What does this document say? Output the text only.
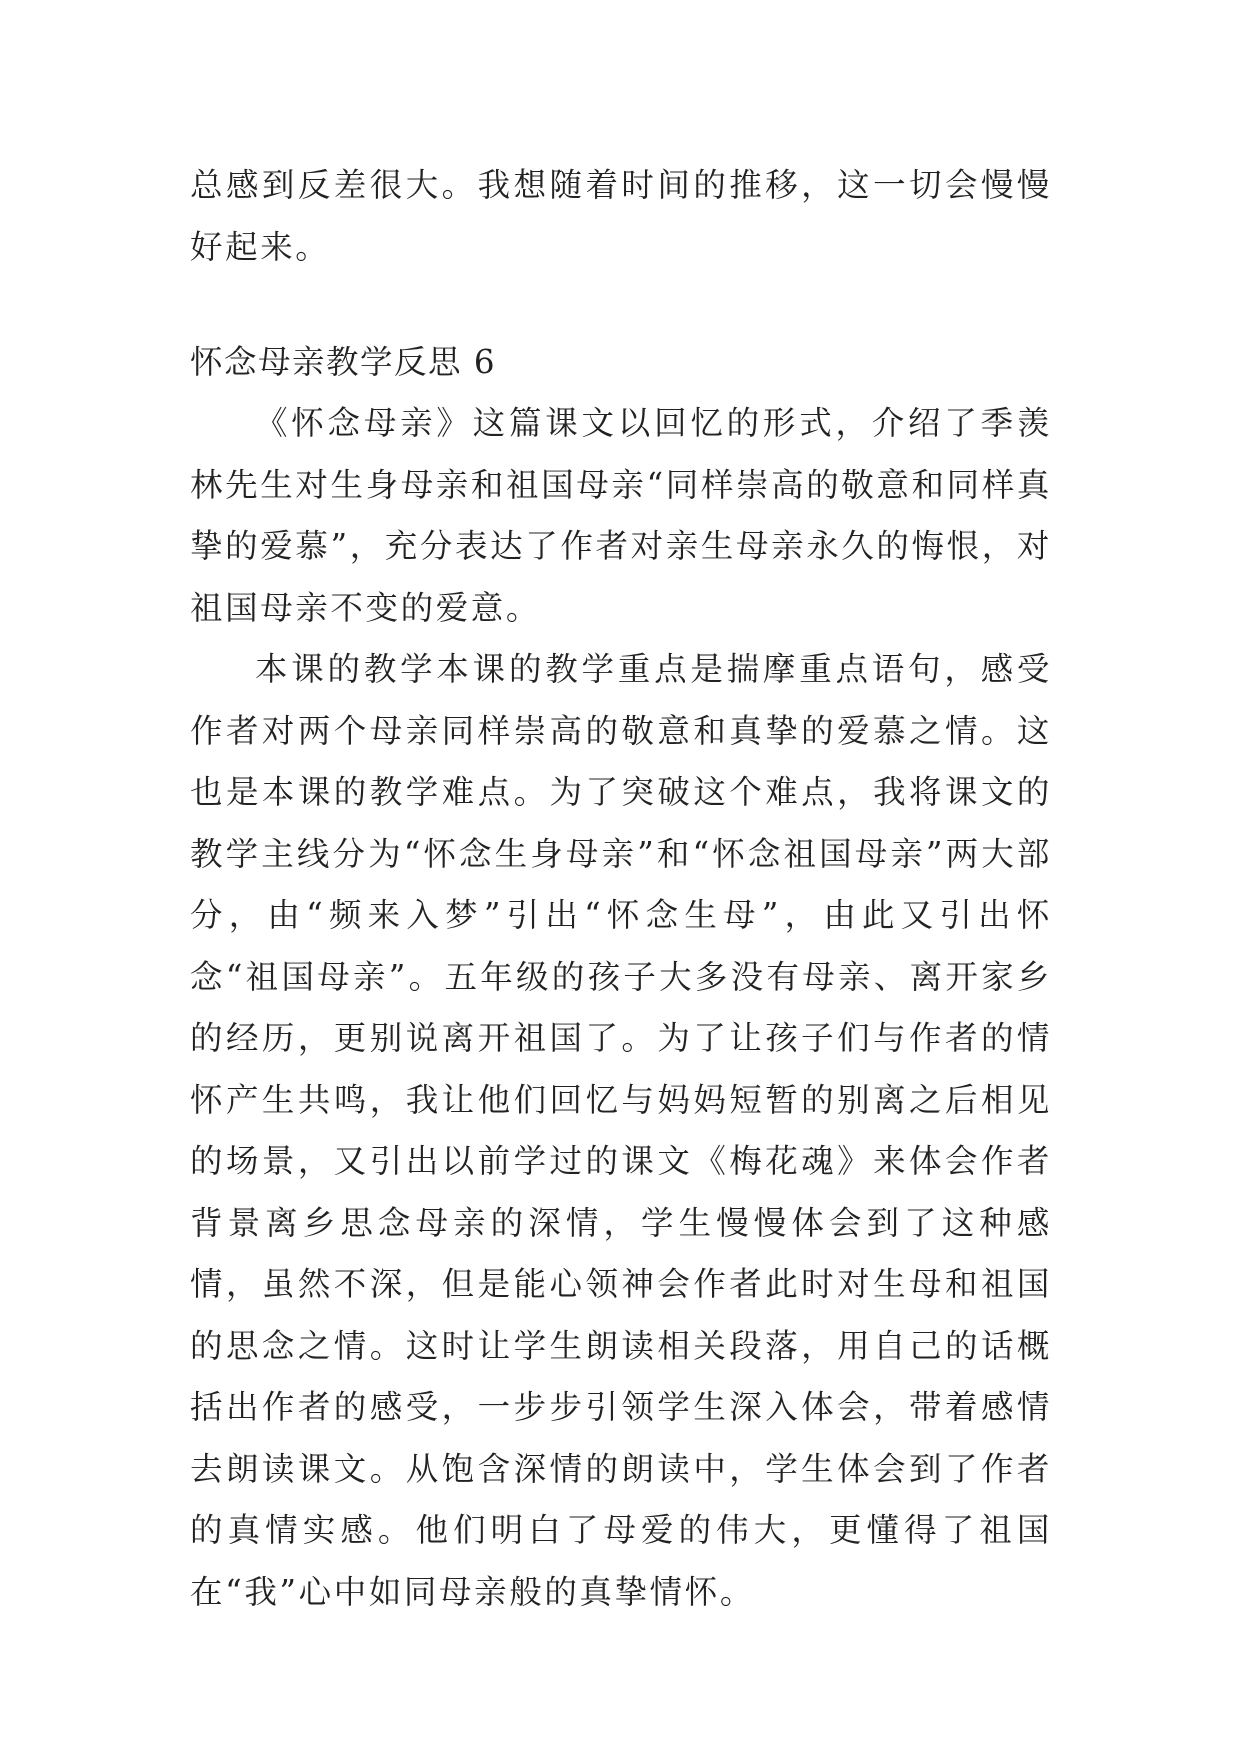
总感到反差很大。我想随着时间的推移，这一切会慢慢好起来。

怀念母亲教学反思 6

《怀念母亲》这篇课文以回忆的形式，介绍了季羡林先生对生身母亲和祖国母亲“同样崇高的敬意和同样真挚的爱慕”，充分表达了作者对亲生母亲永久的悔恨，对祖国母亲不变的爱意。

本课的教学本课的教学重点是揣摩重点语句，感受作者对两个母亲同样崇高的敬意和真挚的爱慕之情。这也是本课的教学难点。为了突破这个难点，我将课文的教学主线分为“怀念生身母亲”和“怀念祖国母亲”两大部分，由“频来入梦”引出“怀念生母”，由此又引出怀念“祖国母亲”。五年级的孩子大多没有母亲、离开家乡的经历，更别说离开祖国了。为了让孩子们与作者的情怀产生共鸣，我让他们回忆与妈妈短暂的别离之后相见的场景，又引出以前学过的课文《梅花魂》来体会作者背景离乡思念母亲的深情，学生慢慢体会到了这种感情，虽然不深，但是能心领神会作者此时对生母和祖国的思念之情。这时让学生朗读相关段落，用自己的话概括出作者的感受，一步步引领学生深入体会，带着感情去朗读课文。从饱含深情的朗读中，学生体会到了作者的真情实感。他们明白了母爱的伟大，更懂得了祖国在“我”心中如同母亲般的真挚情怀。
